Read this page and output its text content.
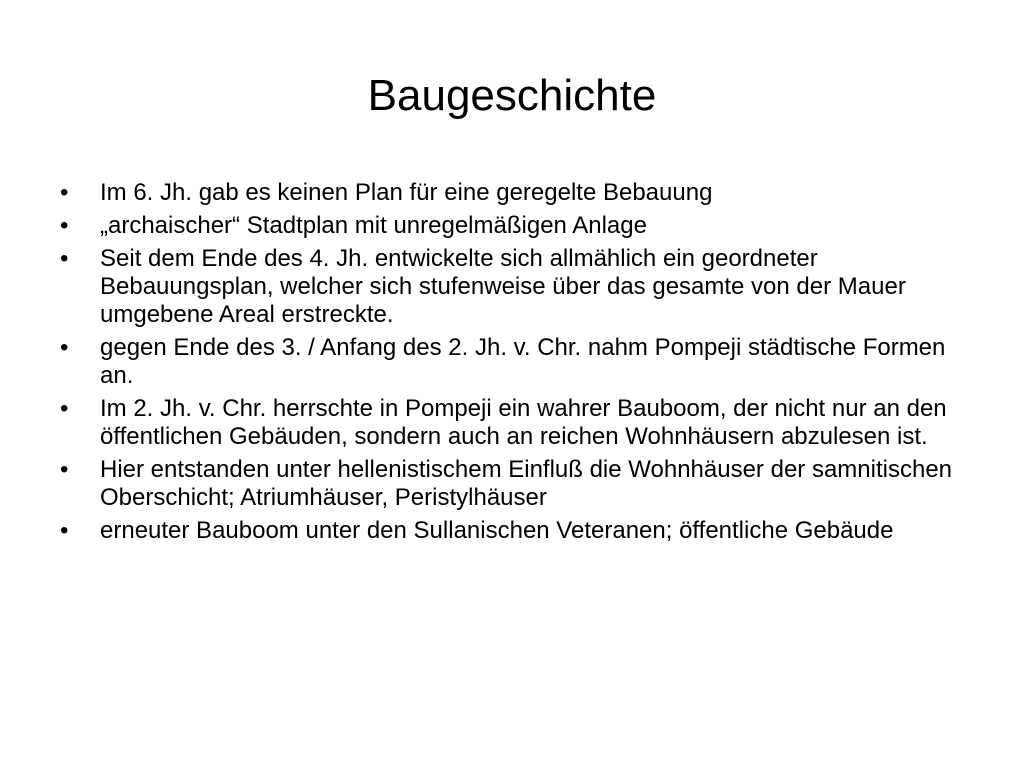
Baugeschichte
• Im 6. Jh. gab es keinen Plan für eine geregelte Bebauung
• „archaischer“ Stadtplan mit unregelmäßigen Anlage
• Seit dem Ende des 4. Jh. entwickelte sich allmählich ein geordneter Bebauungsplan, welcher sich stufenweise über das gesamte von der Mauer umgebene Areal erstreckte.
• gegen Ende des 3. / Anfang des 2. Jh. v. Chr. nahm Pompeji städtische Formen an.
• Im 2. Jh. v. Chr. herrschte in Pompeji ein wahrer Bauboom, der nicht nur an den öffentlichen Gebäuden, sondern auch an reichen Wohnhäusern abzulesen ist.
• Hier entstanden unter hellenistischem Einfluß die Wohnhäuser der samnitischen Oberschicht; Atriumhäuser, Peristylhäuser
• erneuter Bauboom unter den Sullanischen Veteranen; öffentliche Gebäude
